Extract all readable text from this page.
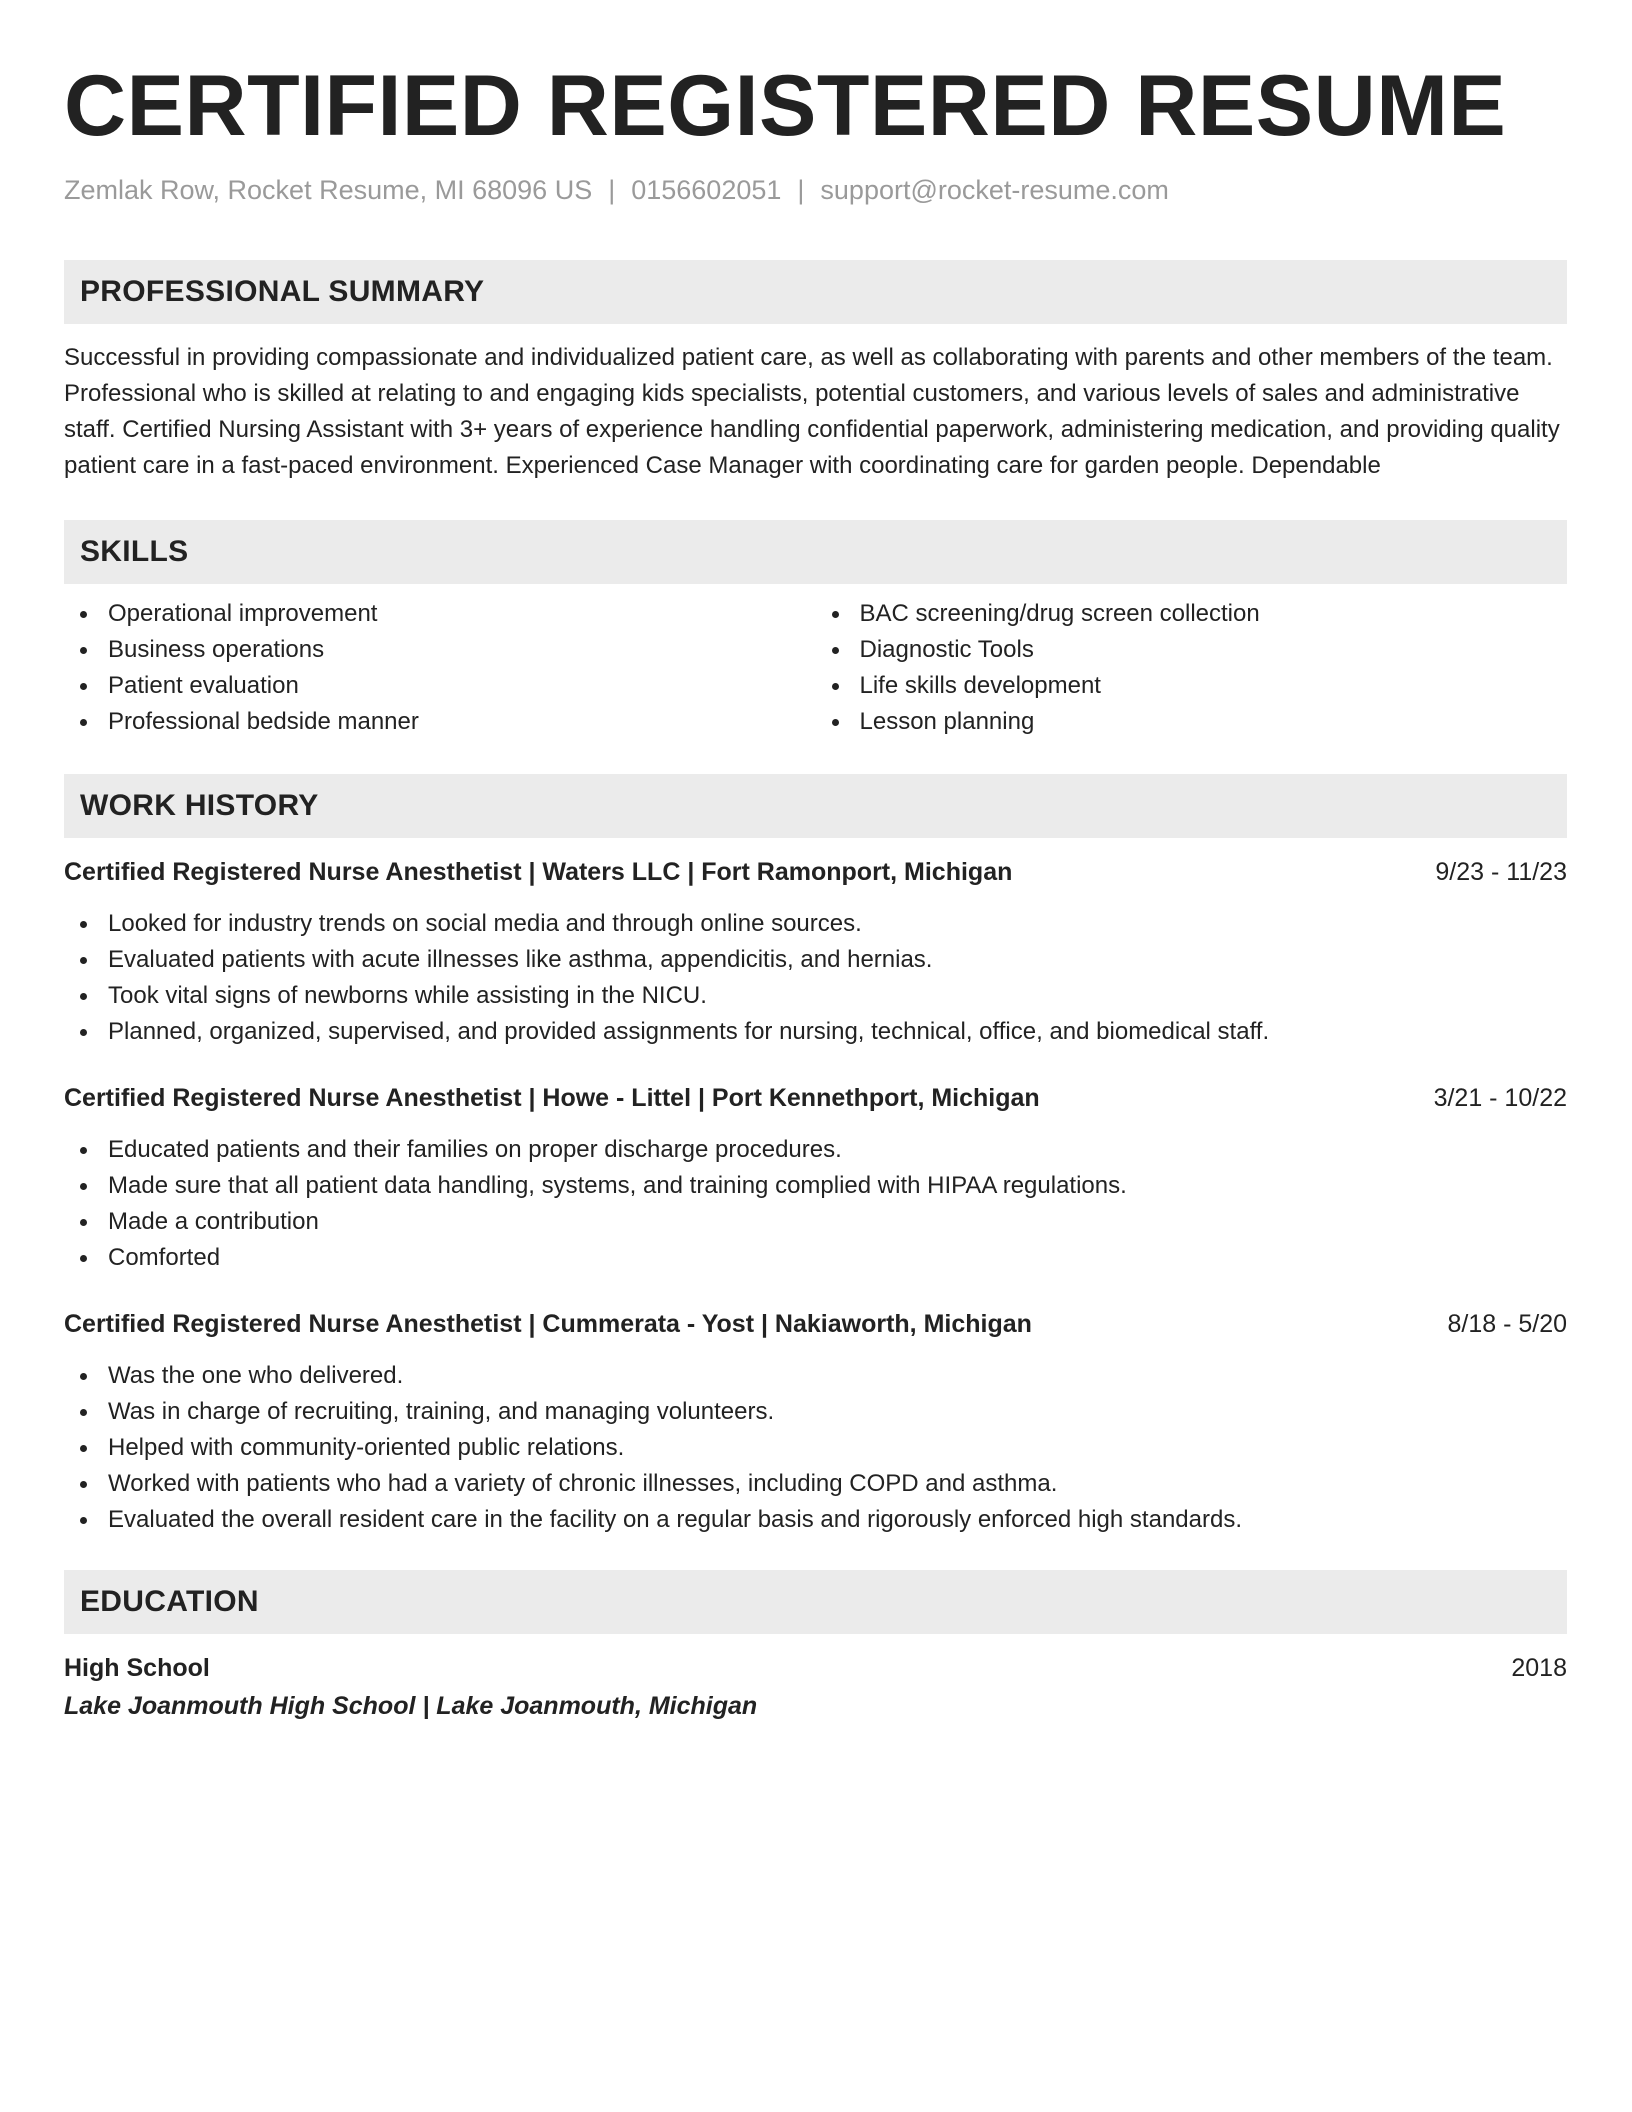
CERTIFIED REGISTERED RESUME
Zemlak Row, Rocket Resume, MI 68096 US | 0156602051 | support@rocket-resume.com
PROFESSIONAL SUMMARY

Successful in providing compassionate and individualized patient care, as well as collaborating with parents and other members of the team. Professional who is skilled at relating to and engaging kids specialists, potential customers, and various levels of sales and administrative staff. Certified Nursing Assistant with 3+ years of experience handling confidential paperwork, administering medication, and providing quality patient care in a fast-paced environment. Experienced Case Manager with coordinating care for garden people. Dependable

SKILLS
Operational improvement
Business operations
Patient evaluation
Professional bedside manner
BAC screening/drug screen collection
Diagnostic Tools
Life skills development
Lesson planning
WORK HISTORY
Certified Registered Nurse Anesthetist | Waters LLC | Fort Ramonport, Michigan	9/23 - 11/23
Looked for industry trends on social media and through online sources.
Evaluated patients with acute illnesses like asthma, appendicitis, and hernias.
Took vital signs of newborns while assisting in the NICU.
Planned, organized, supervised, and provided assignments for nursing, technical, office, and biomedical staff.
Certified Registered Nurse Anesthetist | Howe - Littel | Port Kennethport, Michigan	3/21 - 10/22
Educated patients and their families on proper discharge procedures.
Made sure that all patient data handling, systems, and training complied with HIPAA regulations.
Made a contribution
Comforted
Certified Registered Nurse Anesthetist | Cummerata - Yost | Nakiaworth, Michigan	8/18 - 5/20
Was the one who delivered.
Was in charge of recruiting, training, and managing volunteers.
Helped with community-oriented public relations.
Worked with patients who had a variety of chronic illnesses, including COPD and asthma.
Evaluated the overall resident care in the facility on a regular basis and rigorously enforced high standards.
EDUCATION
High School	2018
Lake Joanmouth High School | Lake Joanmouth, Michigan
